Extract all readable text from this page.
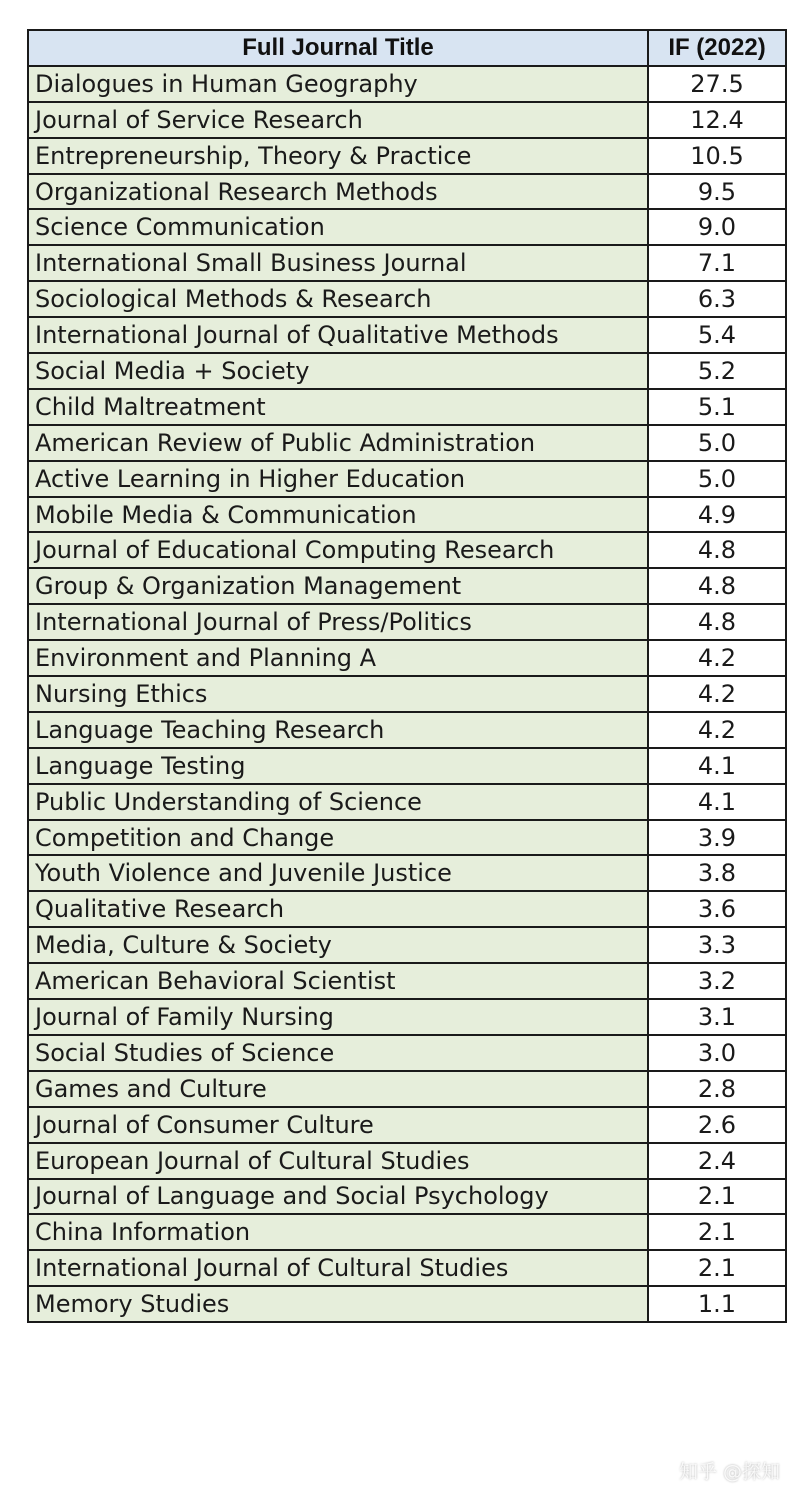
Full Journal Title	IF (2022)
Dialogues in Human Geography	27.5
Journal of Service Research	12.4
Entrepreneurship, Theory & Practice	10.5
Organizational Research Methods	9.5
Science Communication	9.0
International Small Business Journal	7.1
Sociological Methods & Research	6.3
International Journal of Qualitative Methods	5.4
Social Media + Society	5.2
Child Maltreatment	5.1
American Review of Public Administration	5.0
Active Learning in Higher Education	5.0
Mobile Media & Communication	4.9
Journal of Educational Computing Research	4.8
Group & Organization Management	4.8
International Journal of Press/Politics	4.8
Environment and Planning A	4.2
Nursing Ethics	4.2
Language Teaching Research	4.2
Language Testing	4.1
Public Understanding of Science	4.1
Competition and Change	3.9
Youth Violence and Juvenile Justice	3.8
Qualitative Research	3.6
Media, Culture & Society	3.3
American Behavioral Scientist	3.2
Journal of Family Nursing	3.1
Social Studies of Science	3.0
Games and Culture	2.8
Journal of Consumer Culture	2.6
European Journal of Cultural Studies	2.4
Journal of Language and Social Psychology	2.1
China Information	2.1
International Journal of Cultural Studies	2.1
Memory Studies	1.1
知乎 @探知
